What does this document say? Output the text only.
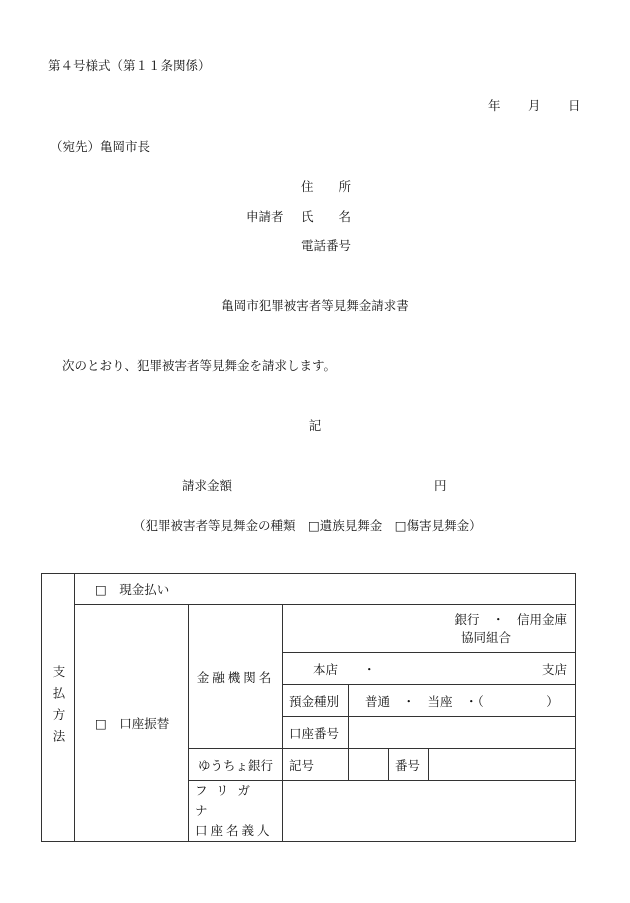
第４号様式（第１１条関係）
年 月 日
（宛先）亀岡市長
住　　所
申請者 氏　　名
電話番号
亀岡市犯罪被害者等見舞金請求書
次のとおり、犯罪被害者等見舞金を請求します。
記
請求金額	円
（犯罪被害者等見舞金の種類　□遺族見舞金　□傷害見舞金）
支払方法	□　現金払い					
	□　口座振替	金融機関名	銀行　・　信用金庫
協同組合			

			本店　　・ 支店			

			預金種別	普通　・　当座　・（　　　　　）		
			口座番号			
		ゆうちょ銀行	記号		番号	

		フリガナ
口座名義人				
